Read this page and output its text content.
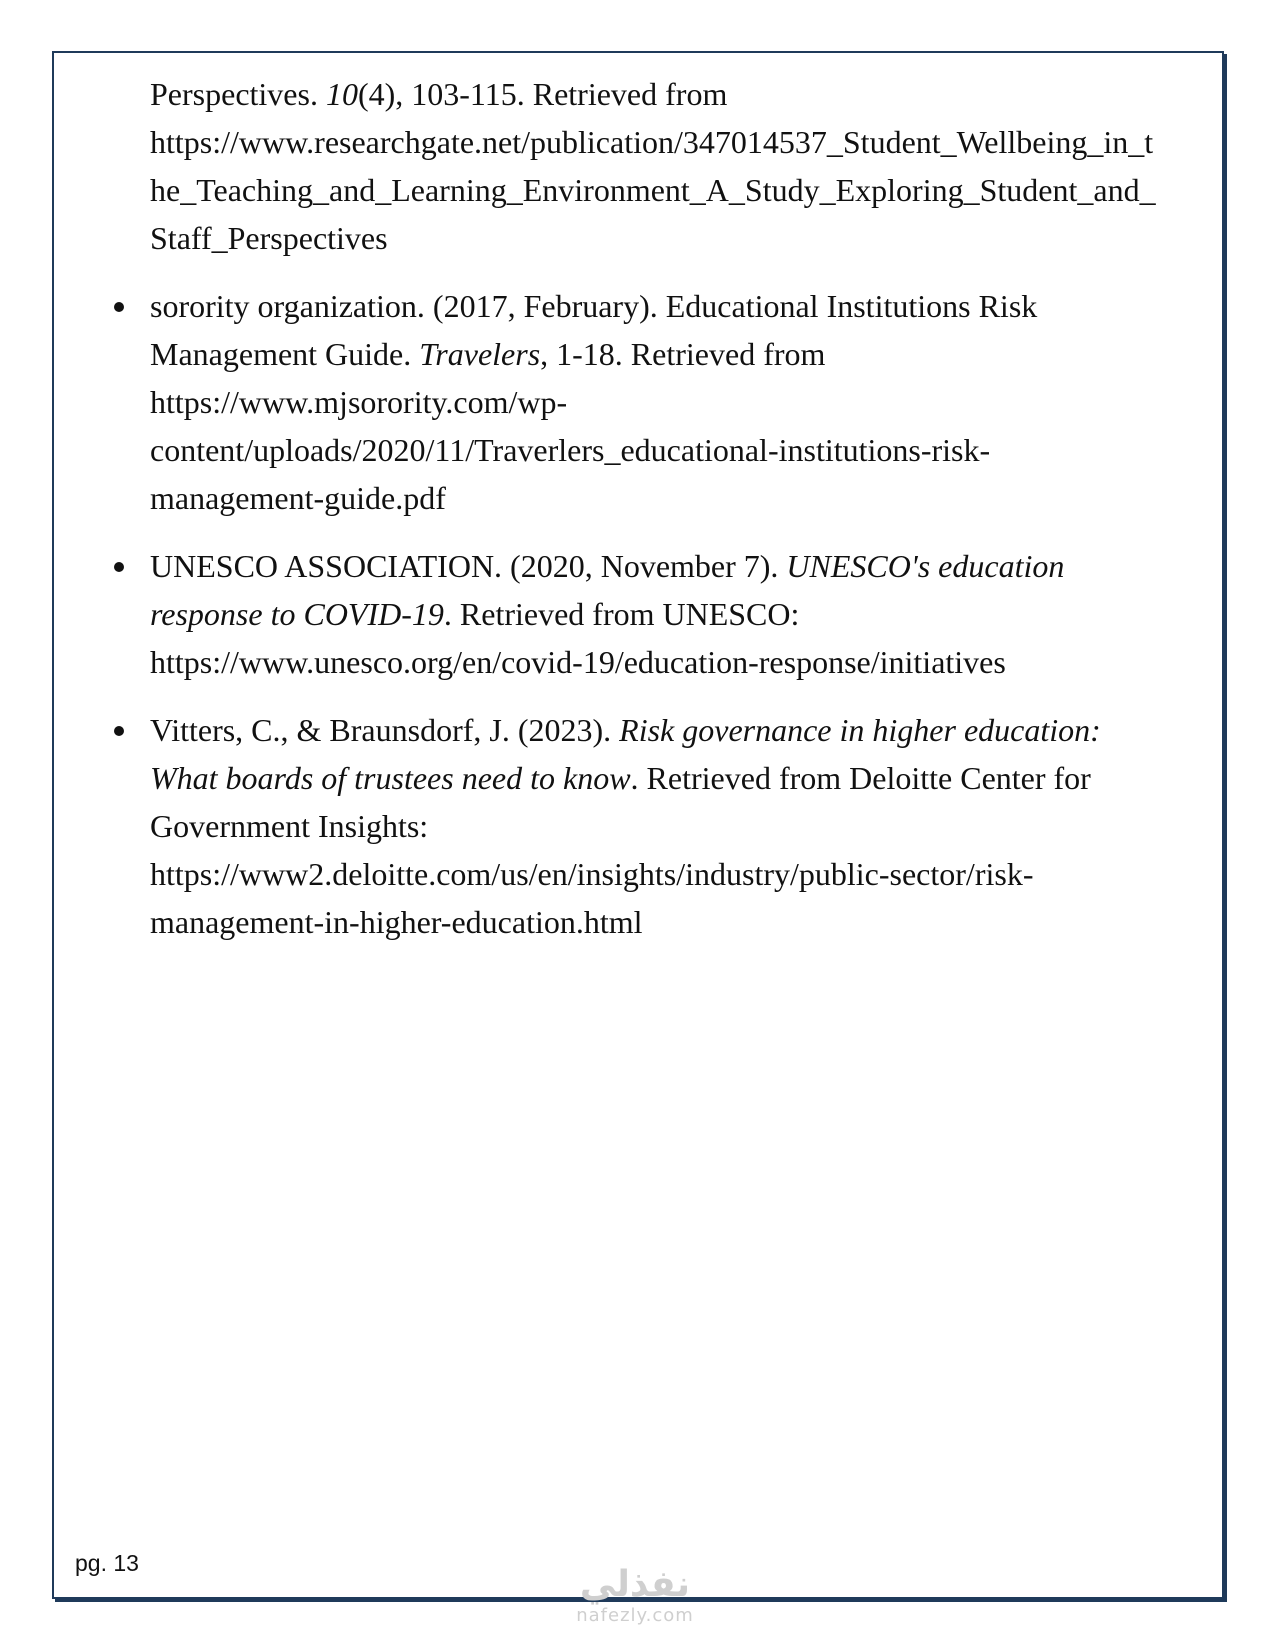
Perspectives. 10(4), 103-115. Retrieved from
https://www.researchgate.net/publication/347014537_Student_Wellbeing_in_t
he_Teaching_and_Learning_Environment_A_Study_Exploring_Student_and_
Staff_Perspectives
sorority organization. (2017, February). Educational Institutions Risk
Management Guide. Travelers, 1-18. Retrieved from
https://www.mjsorority.com/wp-
content/uploads/2020/11/Traverlers_educational-institutions-risk-
management-guide.pdf
UNESCO ASSOCIATION. (2020, November 7). UNESCO's education
response to COVID-19. Retrieved from UNESCO:
https://www.unesco.org/en/covid-19/education-response/initiatives
Vitters, C., & Braunsdorf, J. (2023). Risk governance in higher education:
What boards of trustees need to know. Retrieved from Deloitte Center for
Government Insights:
https://www2.deloitte.com/us/en/insights/industry/public-sector/risk-
management-in-higher-education.html
pg. 13
نفذلي
nafezly.com
